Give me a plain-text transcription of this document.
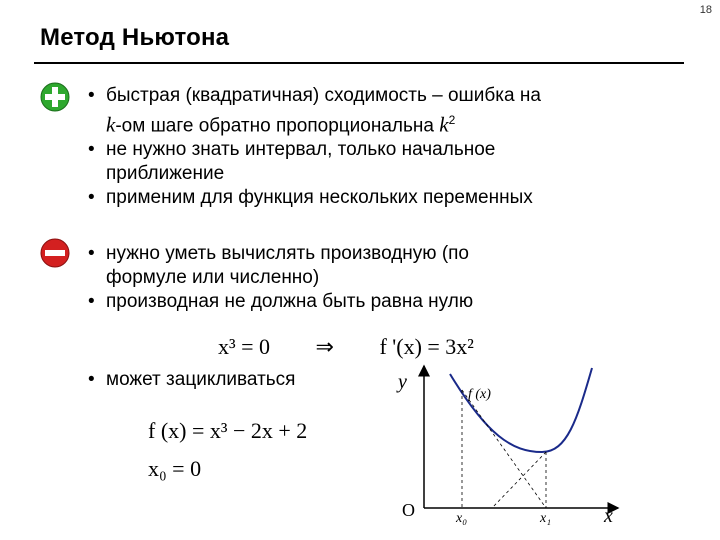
18
Метод Ньютона
• быстрая (квадратичная) сходимость – ошибка на
k-ом шаге обратно пропорциональна $k^2$
• не нужно знать интервал, только начальное
приближение
• применим для функция нескольких переменных
• нужно уметь вычислять производную (по
формуле или численно)
• производная не должна быть равна нулю
• может зацикливаться
x³ = 0 ⇒ f '(x) = 3x²
f (x) = x³ − 2x + 2
x₀ = 0
y
x
O
f (x)
x₀	x₁
